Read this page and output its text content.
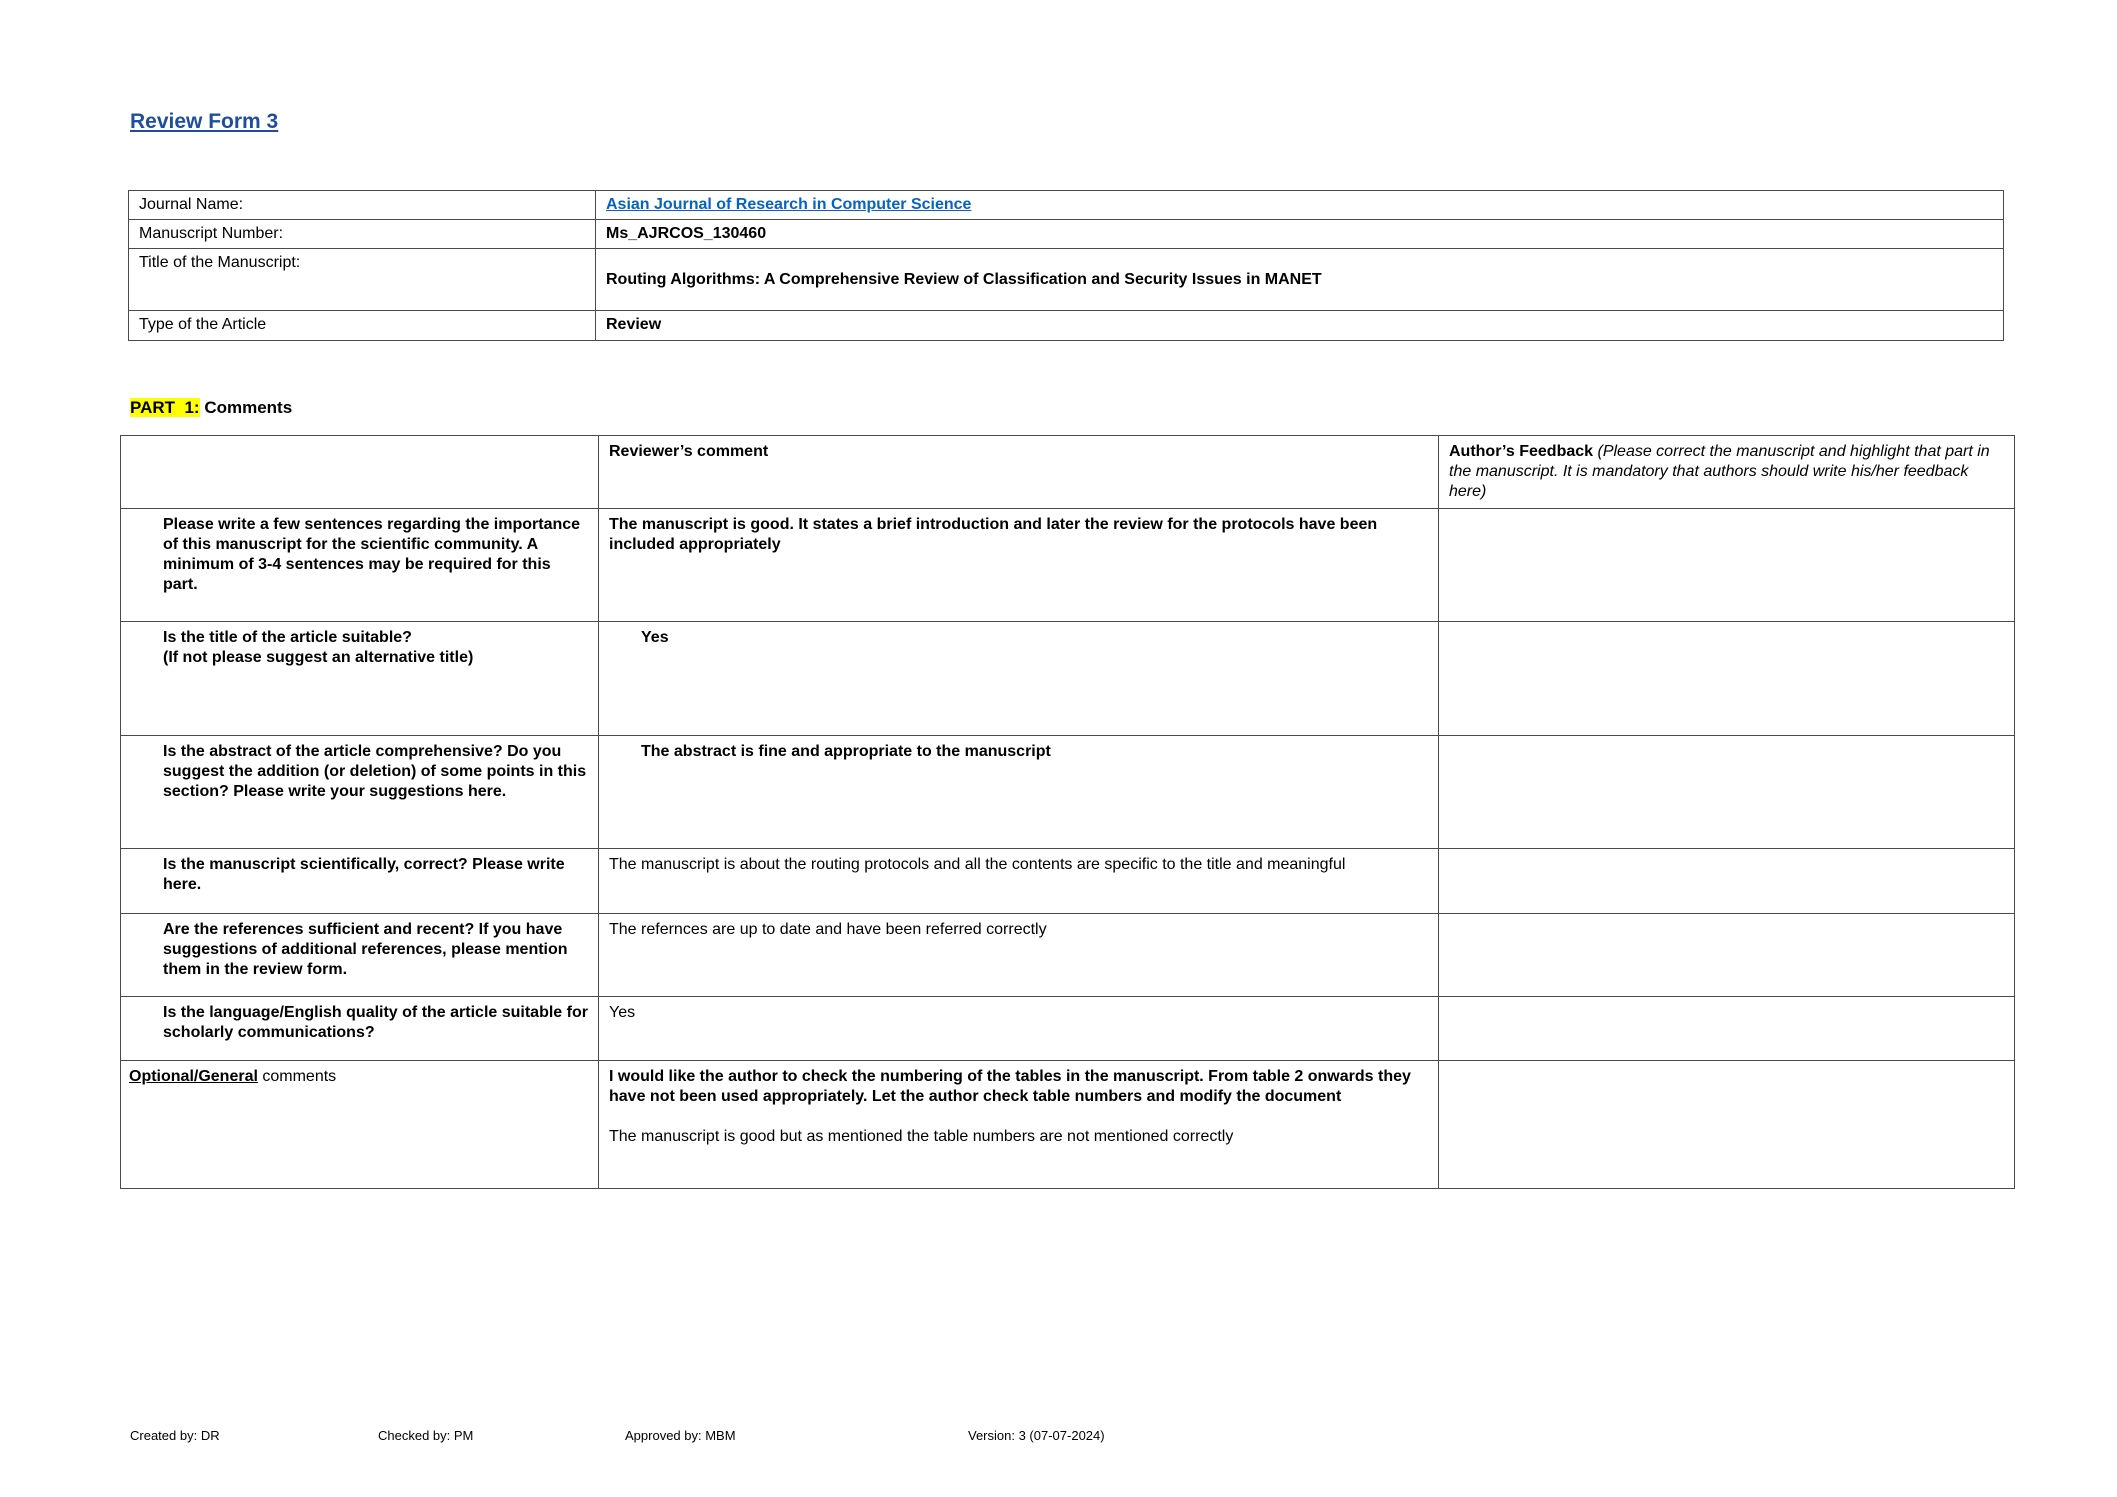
Review Form 3
Journal Name:	Asian Journal of Research in Computer Science
Manuscript Number:	Ms_AJRCOS_130460
Title of the Manuscript:	Routing Algorithms: A Comprehensive Review of Classification and Security Issues in MANET
Type of the Article	Review
PART  1: Comments
	Reviewer’s comment	Author’s Feedback (Please correct the manuscript and highlight that part in the manuscript. It is mandatory that authors should write his/her feedback here)
Please write a few sentences regarding the importance of this manuscript for the scientific community. A minimum of 3-4 sentences may be required for this part.	The manuscript is good. It states a brief introduction and later the review for the protocols have been included appropriately	

Is the title of the article suitable?
(If not please suggest an alternative title)	Yes	

Is the abstract of the article comprehensive? Do you suggest the addition (or deletion) of some points in this section? Please write your suggestions here.	The abstract is fine and appropriate to the manuscript	

Is the manuscript scientifically, correct? Please write here.	The manuscript is about the routing protocols and all the contents are specific to the title and meaningful	
Are the references sufficient and recent? If you have suggestions of additional references, please mention them in the review form.	The refernces are up to date and have been referred correctly	
Is the language/English quality of the article suitable for scholarly communications?	Yes	
Optional/General comments	I would like the author to check the numbering of the tables in the manuscript. From table 2 onwards they have not been used appropriately. Let the author check table numbers and modify the document
The manuscript is good but as mentioned the table numbers are not mentioned correctly	

Created by: DR	Checked by: PM	Approved by: MBM	Version: 3 (07-07-2024)
